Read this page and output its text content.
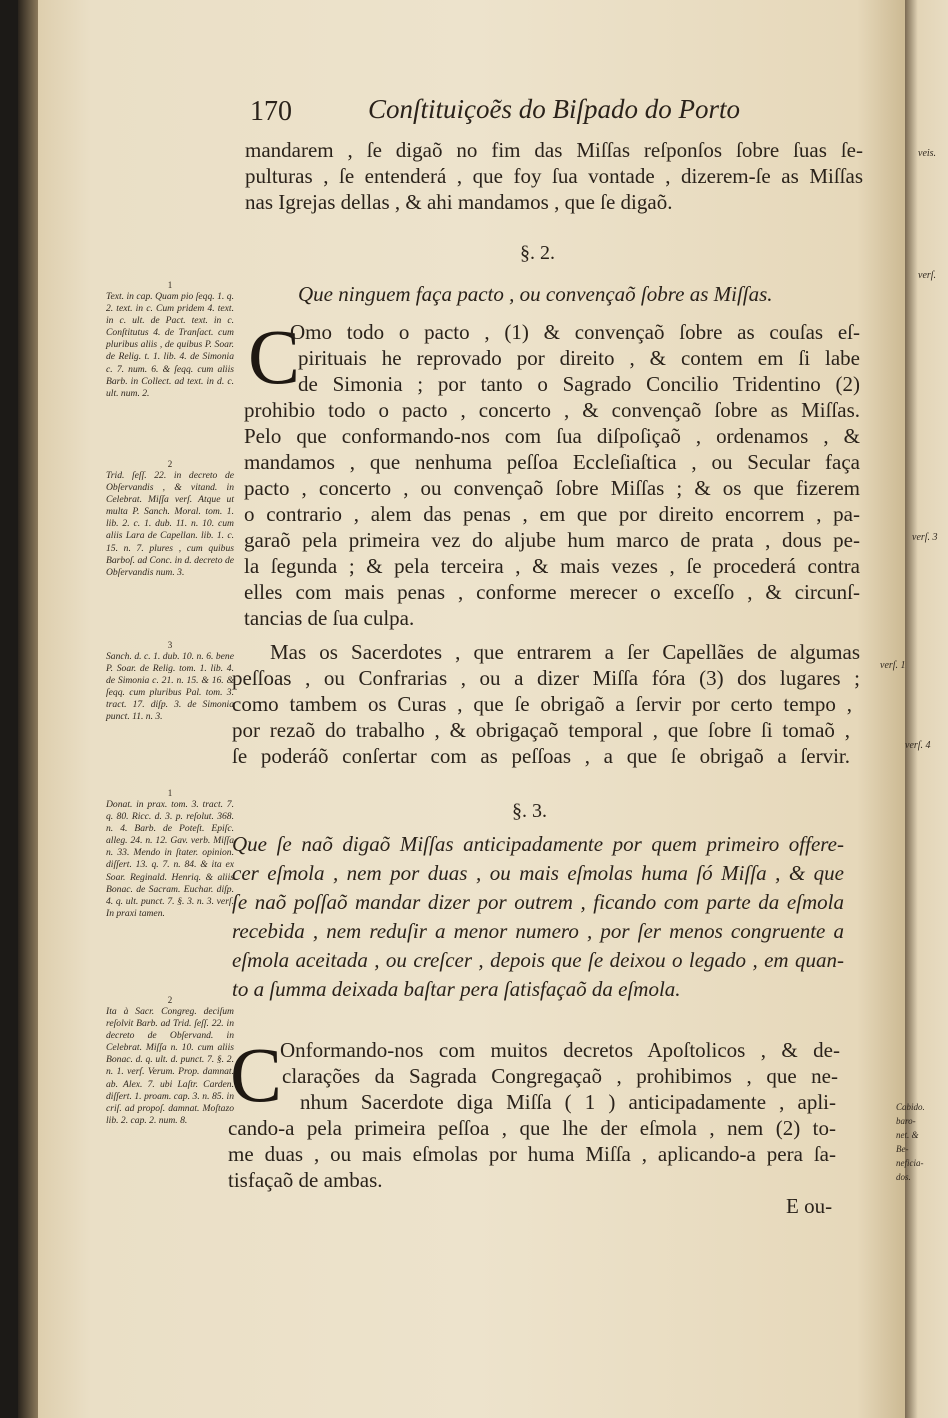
170	Conſtituiçoẽs do Biſpado do Porto
mandarem , ſe digaõ no fim das Miſſas reſponſos ſobre ſuas ſe-
pulturas , ſe entenderá , que foy ſua vontade , dizerem-ſe as Miſſas
nas Igrejas dellas , & ahi mandamos , que ſe digaõ.
§. 2.
Que ninguem faça pacto , ou convençaõ ſobre as Miſſas.
C
Omo todo o pacto , (1) & convençaõ ſobre as couſas eſ-
pirituais he reprovado por direito , & contem em ſi labe
de Simonia ; por tanto o Sagrado Concilio Tridentino (2)
prohibio todo o pacto , concerto , & convençaõ ſobre as Miſſas.
Pelo que conformando-nos com ſua diſpoſiçaõ , ordenamos , &
mandamos , que nenhuma peſſoa Eccleſiaſtica , ou Secular faça
pacto , concerto , ou convençaõ ſobre Miſſas ; & os que fizerem
o contrario , alem das penas , em que por direito encorrem , pa-
garaõ pela primeira vez do aljube hum marco de prata , dous pe-
la ſegunda ; & pela terceira , & mais vezes , ſe procederá contra
elles com mais penas , conforme merecer o exceſſo , & circunſ-
tancias de ſua culpa.
Mas os Sacerdotes , que entrarem a ſer Capellães de algumas
peſſoas , ou Confrarias , ou a dizer Miſſa fóra (3) dos lugares ;
como tambem os Curas , que ſe obrigaõ a ſervir por certo tempo ,
por rezaõ do trabalho , & obrigaçaõ temporal , que ſobre ſi tomaõ ,
ſe poderáõ conſertar com as peſſoas , a que ſe obrigaõ a ſervir.
§. 3.
Que ſe naõ digaõ Miſſas anticipadamente por quem primeiro offere-
cer eſmola , nem por duas , ou mais eſmolas huma ſó Miſſa , & que
ſe naõ poſſaõ mandar dizer por outrem , ficando com parte da eſmola
recebida , nem reduſir a menor numero , por ſer menos congruente a
eſmola aceitada , ou creſcer , depois que ſe deixou o legado , em quan-
to a ſumma deixada baſtar pera ſatisfaçaõ da eſmola.
C
Onformando-nos com muitos decretos Apoſtolicos , & de-
clarações da Sagrada Congregaçaõ , prohibimos , que ne-
nhum Sacerdote diga Miſſa ( 1 ) anticipadamente , apli-
cando-a pela primeira peſſoa , que lhe der eſmola , nem (2) to-
me duas , ou mais eſmolas por huma Miſſa , aplicando-a pera ſa-
tisfaçaõ de ambas.
E ou-
1
Text. in cap. Quam pio ſeqq. 1. q. 2. text. in c. Cum pridem 4. text. in c. ult. de Pact. text. in c. Conſtitutus 4. de Tranſact. cum pluribus aliis , de quibus P. Soar. de Relig. t. 1. lib. 4. de Simonia c. 7. num. 6. & ſeqq. cum aliis Barb. in Collect. ad text. in d. c. ult. num. 2.
2
Trid. ſeſſ. 22. in decreto de Obſervandis , & vitand. in Celebrat. Miſſa verſ. Atque ut multa P. Sanch. Moral. tom. 1. lib. 2. c. 1. dub. 11. n. 10. cum aliis Lara de Capellan. lib. 1. c. 15. n. 7. plures , cum quibus Barboſ. ad Conc. in d. decreto de Obſervandis num. 3.
3
Sanch. d. c. 1. dub. 10. n. 6. bene P. Soar. de Relig. tom. 1. lib. 4. de Simonia c. 21. n. 15. & 16. & ſeqq. cum pluribus Pal. tom. 3. tract. 17. diſp. 3. de Simonia punct. 11. n. 3.
1
Donat. in prax. tom. 3. tract. 7. q. 80. Ricc. d. 3. p. reſolut. 368. n. 4. Barb. de Poteſt. Epiſc. alleg. 24. n. 12. Gav. verb. Miſſa n. 33. Mendo in ſtater. opinion. diſſert. 13. q. 7. n. 84. & ita ex Soar. Reginald. Henriq. & aliis Bonac. de Sacram. Euchar. diſp. 4. q. ult. punct. 7. §. 3. n. 3. verſ. In praxi tamen.
2
Ita à Sacr. Congreg. deciſum reſolvit Barb. ad Trid. ſeſſ. 22. in decreto de Obſervand. in Celebrat. Miſſa n. 10. cum aliis Bonac. d. q. ult. d. punct. 7. §. 2. n. 1. verſ. Verum. Prop. damnat. ab. Alex. 7. ubi Laſtr. Carden. diſſert. 1. proam. cap. 3. n. 85. in criſ. ad propoſ. damnat. Moſtazo lib. 2. cap. 2. num. 8.
veis.
verſ.
verſ. 3
verſ. 1
verſ. 4
Cabido. baro- net. & Be- neficia- dos.
